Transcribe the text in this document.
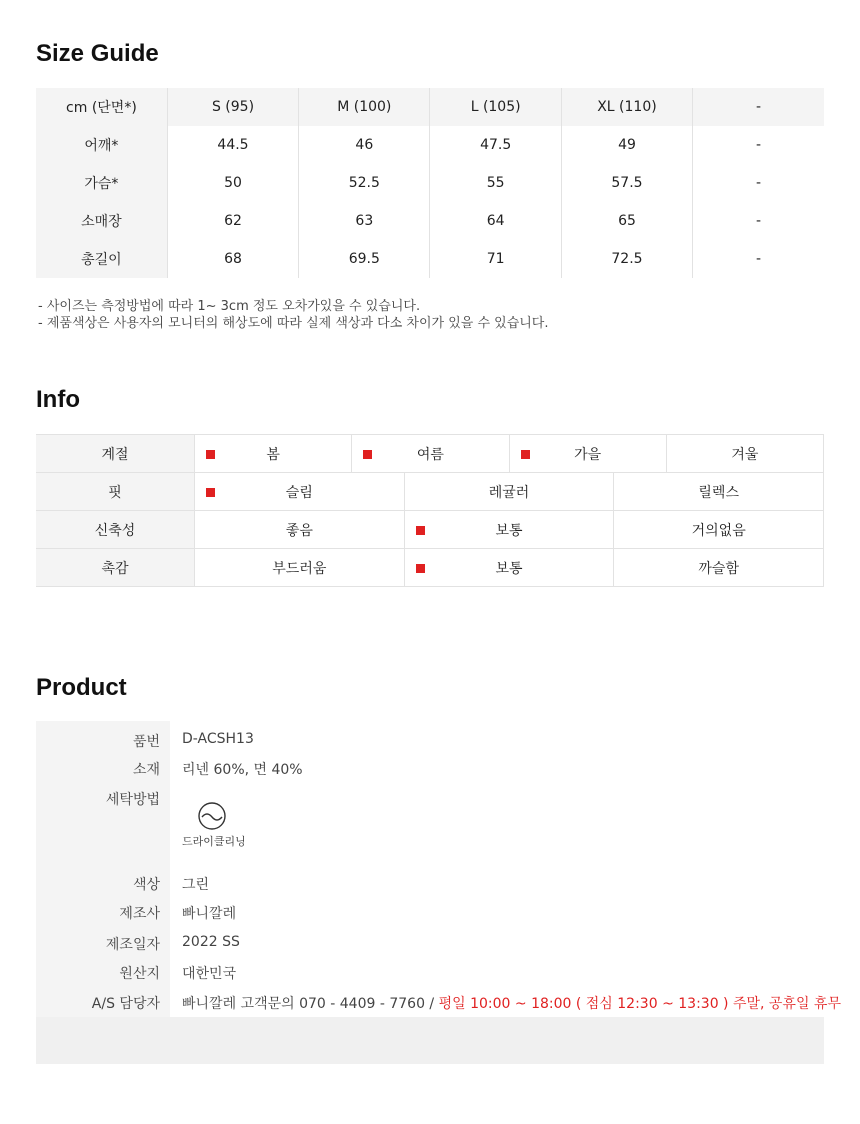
Size Guide
cm (단면*)	S (95)	M (100)	L (105)	XL (110)	-
어깨*	44.5	46	47.5	49	-
가슴*	50	52.5	55	57.5	-
소매장	62	63	64	65	-
총길이	68	69.5	71	72.5	-
- 사이즈는 측정방법에 따라 1~ 3cm 정도 오차가있을 수 있습니다.
- 제품색상은 사용자의 모니터의 해상도에 따라 실제 색상과 다소 차이가 있을 수 있습니다.
Info
계절	봄	여름	가을	겨울
핏	슬림	레귤러	릴렉스
신축성	좋음	보통	거의없음
촉감	부드러움	보통	까슬함
Product
품번 D-ACSH13
소재 리넨 60%, 면 40%
세탁방법
드라이클리닝
색상 그린
제조사 빠니깔레
제조일자 2022 SS
원산지 대한민국
A/S 담당자 빠니깔레 고객문의 070 - 4409 - 7760 / 평일 10:00 ~ 18:00 ( 점심 12:30 ~ 13:30 ) 주말, 공휴일 휴무
